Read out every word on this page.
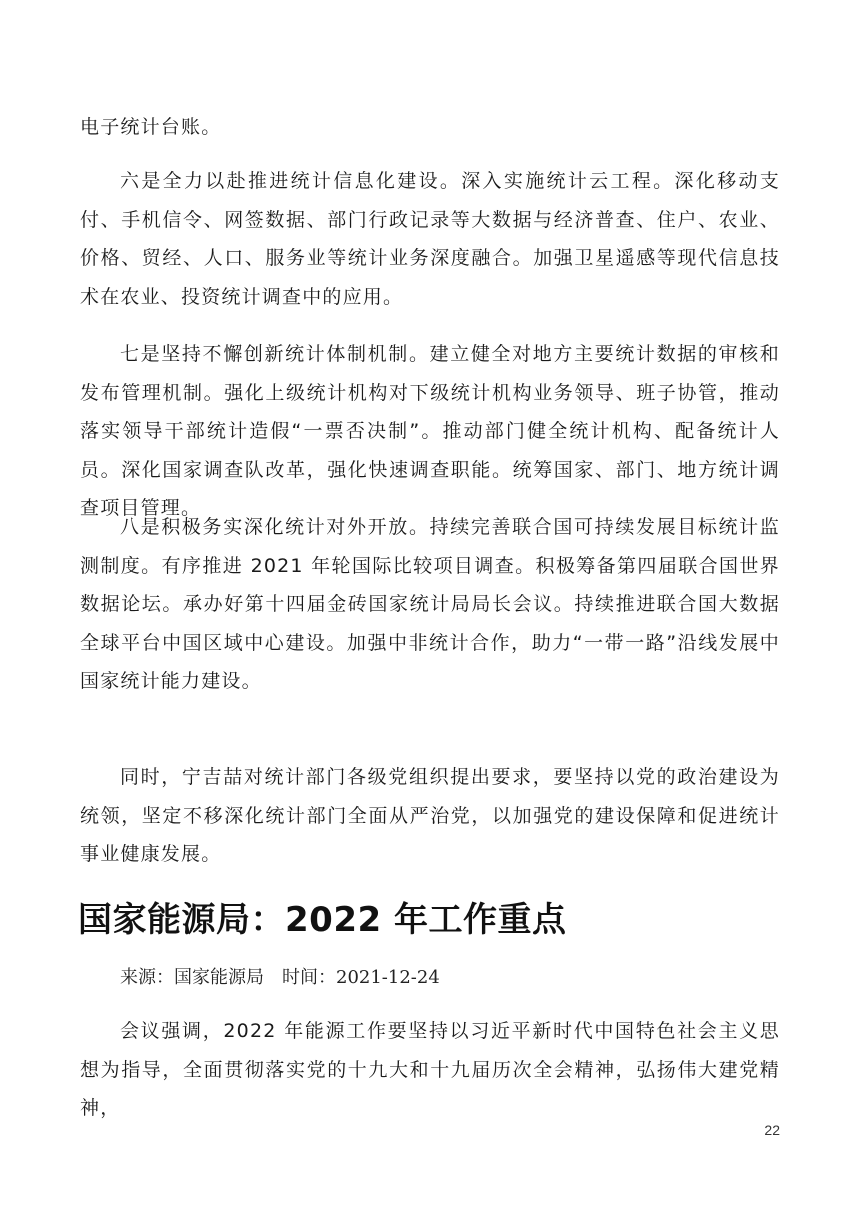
电子统计台账。

六是全力以赴推进统计信息化建设。深入实施统计云工程。深化移动支付、手机信令、网签数据、部门行政记录等大数据与经济普查、住户、农业、价格、贸经、人口、服务业等统计业务深度融合。加强卫星遥感等现代信息技术在农业、投资统计调查中的应用。

七是坚持不懈创新统计体制机制。建立健全对地方主要统计数据的审核和发布管理机制。强化上级统计机构对下级统计机构业务领导、班子协管，推动落实领导干部统计造假“一票否决制”。推动部门健全统计机构、配备统计人员。深化国家调查队改革，强化快速调查职能。统筹国家、部门、地方统计调查项目管理。

八是积极务实深化统计对外开放。持续完善联合国可持续发展目标统计监测制度。有序推进 2021 年轮国际比较项目调查。积极筹备第四届联合国世界数据论坛。承办好第十四届金砖国家统计局局长会议。持续推进联合国大数据全球平台中国区域中心建设。加强中非统计合作，助力“一带一路”沿线发展中国家统计能力建设。

同时，宁吉喆对统计部门各级党组织提出要求，要坚持以党的政治建设为统领，坚定不移深化统计部门全面从严治党，以加强党的建设保障和促进统计事业健康发展。

国家能源局：2022 年工作重点

来源：国家能源局 时间：2021-12-24

会议强调，2022 年能源工作要坚持以习近平新时代中国特色社会主义思想为指导，全面贯彻落实党的十九大和十九届历次全会精神，弘扬伟大建党精神，

22
